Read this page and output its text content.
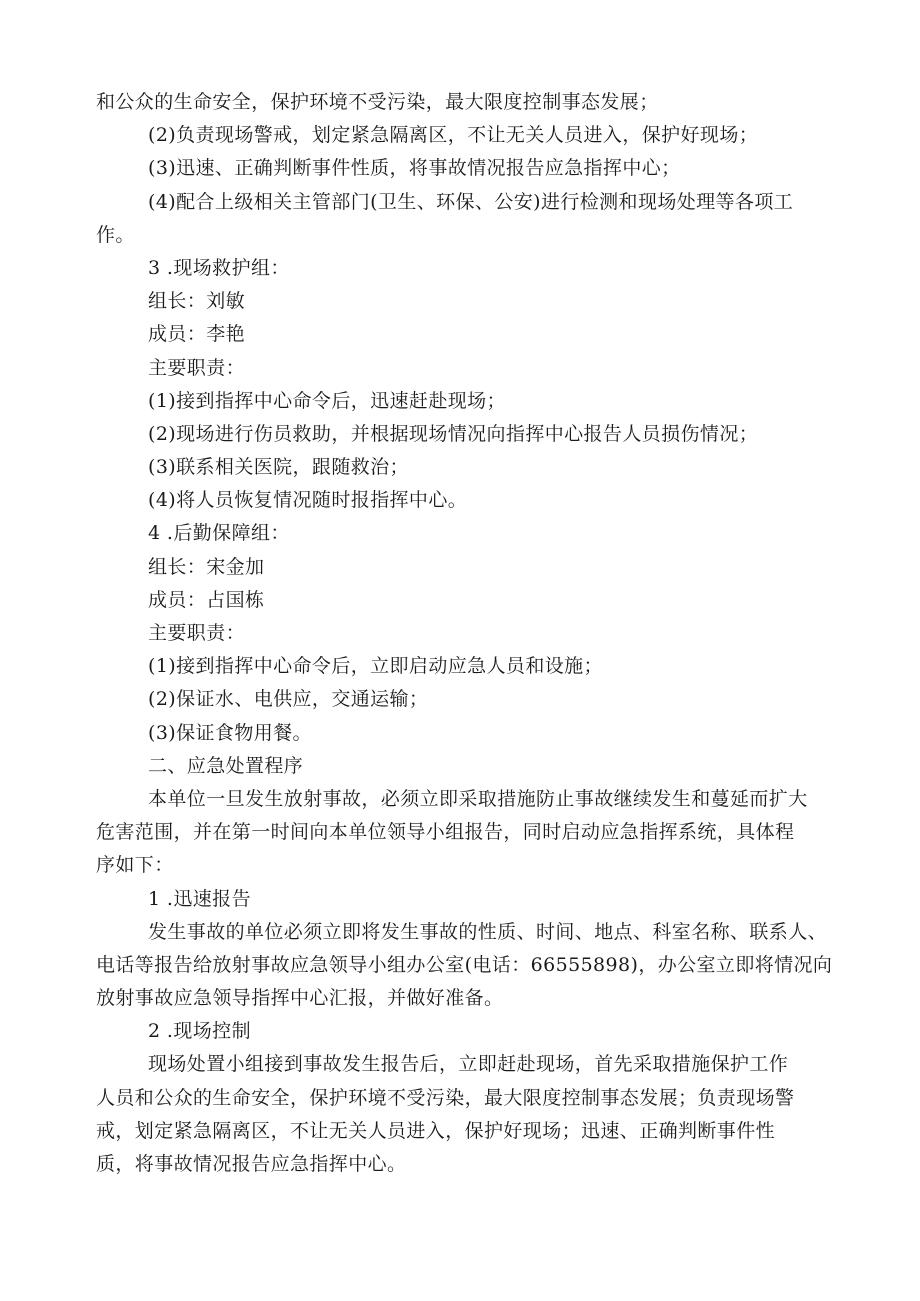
和公众的生命安全，保护环境不受污染，最大限度控制事态发展；
(2)负责现场警戒，划定紧急隔离区，不让无关人员进入，保护好现场；
(3)迅速、正确判断事件性质，将事故情况报告应急指挥中心；
(4)配合上级相关主管部门(卫生、环保、公安)进行检测和现场处理等各项工
作。
3 .现场救护组：
组长：刘敏
成员：李艳
主要职责：
(1)接到指挥中心命令后，迅速赶赴现场；
(2)现场进行伤员救助，并根据现场情况向指挥中心报告人员损伤情况；
(3)联系相关医院，跟随救治；
(4)将人员恢复情况随时报指挥中心。
4 .后勤保障组：
组长：宋金加
成员：占国栋
主要职责：
(1)接到指挥中心命令后，立即启动应急人员和设施；
(2)保证水、电供应，交通运输；
(3)保证食物用餐。
二、应急处置程序
本单位一旦发生放射事故，必须立即采取措施防止事故继续发生和蔓延而扩大
危害范围，并在第一时间向本单位领导小组报告，同时启动应急指挥系统，具体程
序如下：
1 .迅速报告
发生事故的单位必须立即将发生事故的性质、时间、地点、科室名称、联系人、
电话等报告给放射事故应急领导小组办公室(电话：66555898)，办公室立即将情况向
放射事故应急领导指挥中心汇报，并做好准备。
2 .现场控制
现场处置小组接到事故发生报告后，立即赶赴现场，首先采取措施保护工作
人员和公众的生命安全，保护环境不受污染，最大限度控制事态发展；负责现场警
戒，划定紧急隔离区，不让无关人员进入，保护好现场；迅速、正确判断事件性
质，将事故情况报告应急指挥中心。
